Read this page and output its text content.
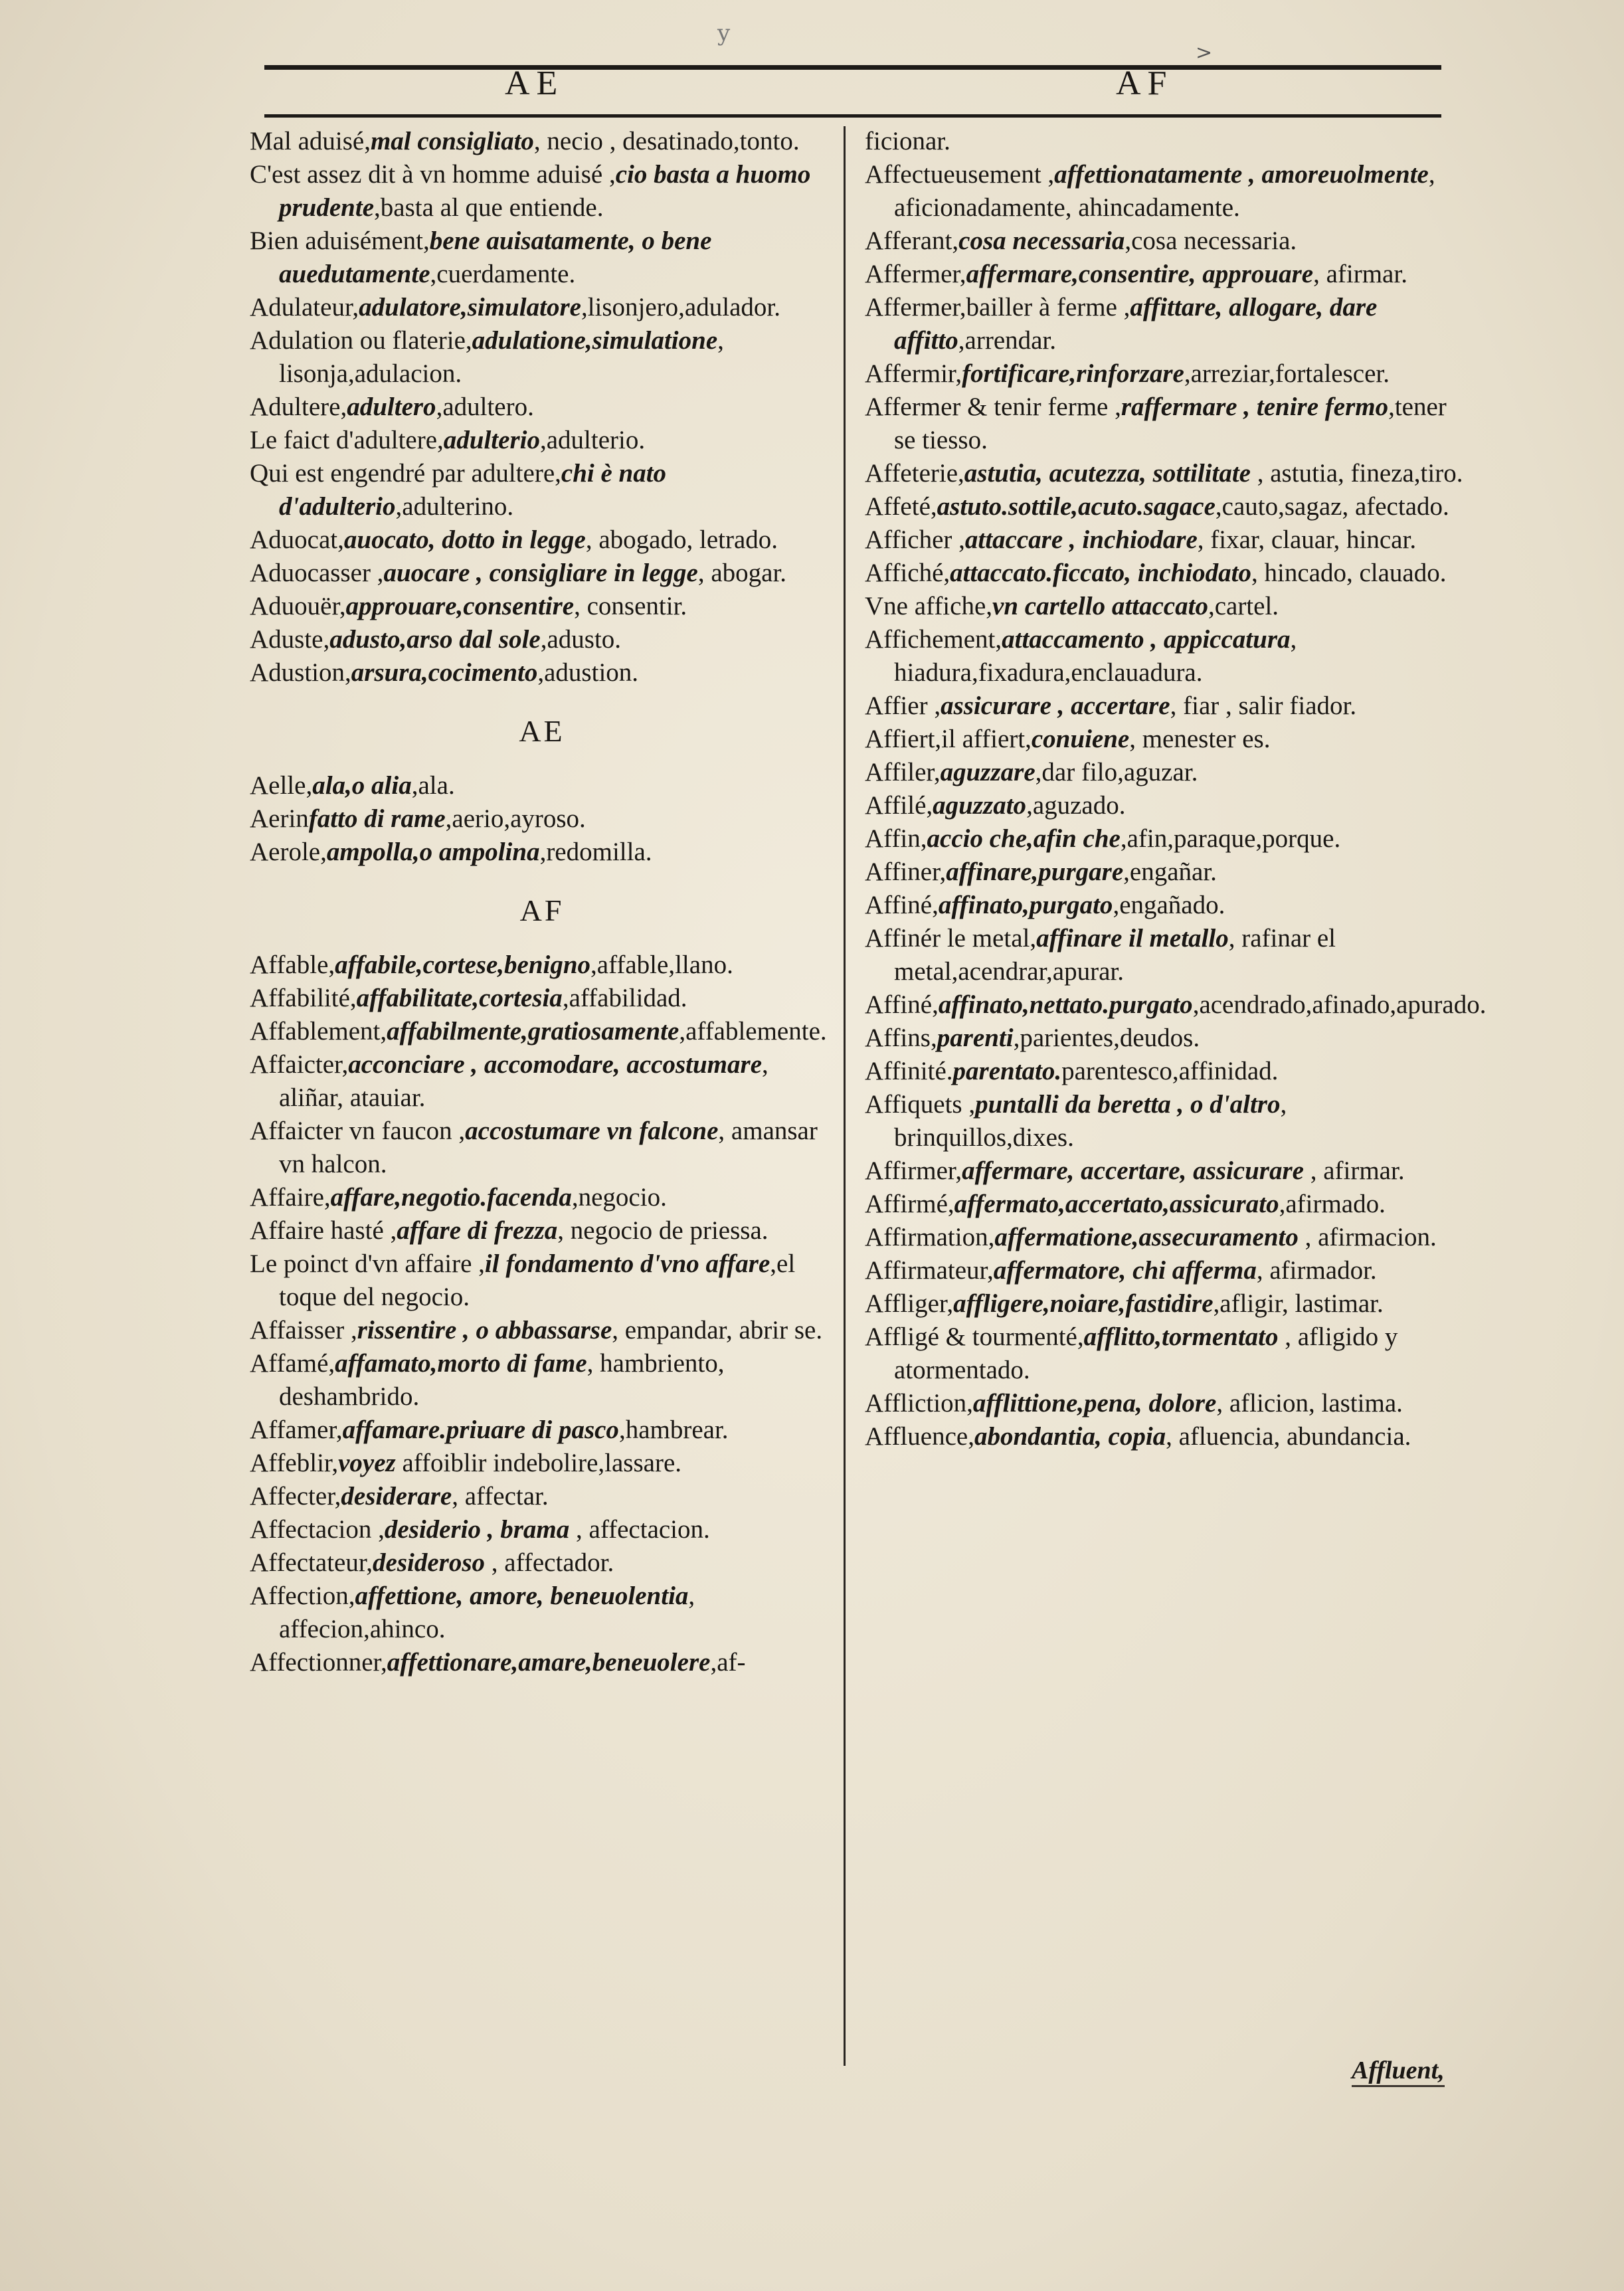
y
>
AE	AF

Mal aduisé,mal consigliato, necio , desatinado,tonto.

C'est assez dit à vn homme aduisé ,cio basta a huomo prudente,basta al que entiende.

Bien aduisément,bene auisatamente, o bene auedutamente,cuerdamente.

Adulateur,adulatore,simulatore,lisonjero,adulador.

Adulation ou flaterie,adulatione,simulatione, lisonja,adulacion.

Adultere,adultero,adultero.

Le faict d'adultere,adulterio,adulterio.

Qui est engendré par adultere,chi è nato d'adulterio,adulterino.

Aduocat,auocato, dotto in legge, abogado, letrado.

Aduocasser ,auocare , consigliare in legge, abogar.

Aduouër,approuare,consentire, consentir.

Aduste,adusto,arso dal sole,adusto.

Adustion,arsura,cocimento,adustion.

AE

Aelle,ala,o alia,ala.

Aerinfatto di rame,aerio,ayroso.

Aerole,ampolla,o ampolina,redomilla.

AF

Affable,affabile,cortese,benigno,affable,llano.

Affabilité,affabilitate,cortesia,affabilidad.

Affablement,affabilmente,gratiosamente,affablemente.

Affaicter,acconciare , accomodare, accostumare, aliñar, atauiar.

Affaicter vn faucon ,accostumare vn falcone, amansar vn halcon.

Affaire,affare,negotio.facenda,negocio.

Affaire hasté ,affare di frezza, negocio de priessa.

Le poinct d'vn affaire ,il fondamento d'vno affare,el toque del negocio.

Affaisser ,rissentire , o abbassarse, empandar, abrir se.

Affamé,affamato,morto di fame, hambriento, deshambrido.

Affamer,affamare.priuare di pasco,hambrear.

Affeblir,voyez affoiblir indebolire,lassare.

Affecter,desiderare, affectar.

Affectacion ,desiderio , brama , affectacion.

Affectateur,desideroso , affectador.

Affection,affettione, amore, beneuolentia, affecion,ahinco.

Affectionner,affettionare,amare,beneuolere,af-

ficionar.

Affectueusement ,affettionatamente , amoreuolmente, aficionadamente, ahincadamente.

Afferant,cosa necessaria,cosa necessaria.

Affermer,affermare,consentire, approuare, afirmar.

Affermer,bailler à ferme ,affittare, allogare, dare affitto,arrendar.

Affermir,fortificare,rinforzare,arreziar,fortalescer.

Affermer & tenir ferme ,raffermare , tenire fermo,tener se tiesso.

Affeterie,astutia, acutezza, sottilitate , astutia, fineza,tiro.

Affeté,astuto.sottile,acuto.sagace,cauto,sagaz, afectado.

Afficher ,attaccare , inchiodare, fixar, clauar, hincar.

Affiché,attaccato.ficcato, inchiodato, hincado, clauado.

Vne affiche,vn cartello attaccato,cartel.

Affichement,attaccamento , appiccatura, hiadura,fixadura,enclauadura.

Affier ,assicurare , accertare, fiar , salir fiador.

Affiert,il affiert,conuiene, menester es.

Affiler,aguzzare,dar filo,aguzar.

Affilé,aguzzato,aguzado.

Affin,accio che,afin che,afin,paraque,porque.

Affiner,affinare,purgare,engañar.

Affiné,affinato,purgato,engañado.

Affinér le metal,affinare il metallo, rafinar el metal,acendrar,apurar.

Affiné,affinato,nettato.purgato,acendrado,afinado,apurado.

Affins,parenti,parientes,deudos.

Affinité.parentato.parentesco,affinidad.

Affiquets ,puntalli da beretta , o d'altro, brinquillos,dixes.

Affirmer,affermare, accertare, assicurare , afirmar.

Affirmé,affermato,accertato,assicurato,afirmado.

Affirmation,affermatione,assecuramento , afirmacion.

Affirmateur,affermatore, chi afferma, afirmador.

Affliger,affligere,noiare,fastidire,afligir, lastimar.

Affligé & tourmenté,afflitto,tormentato , afligido y atormentado.

Affliction,afflittione,pena, dolore, aflicion, lastima.

Affluence,abondantia, copia, afluencia, abundancia.

Affluent,
